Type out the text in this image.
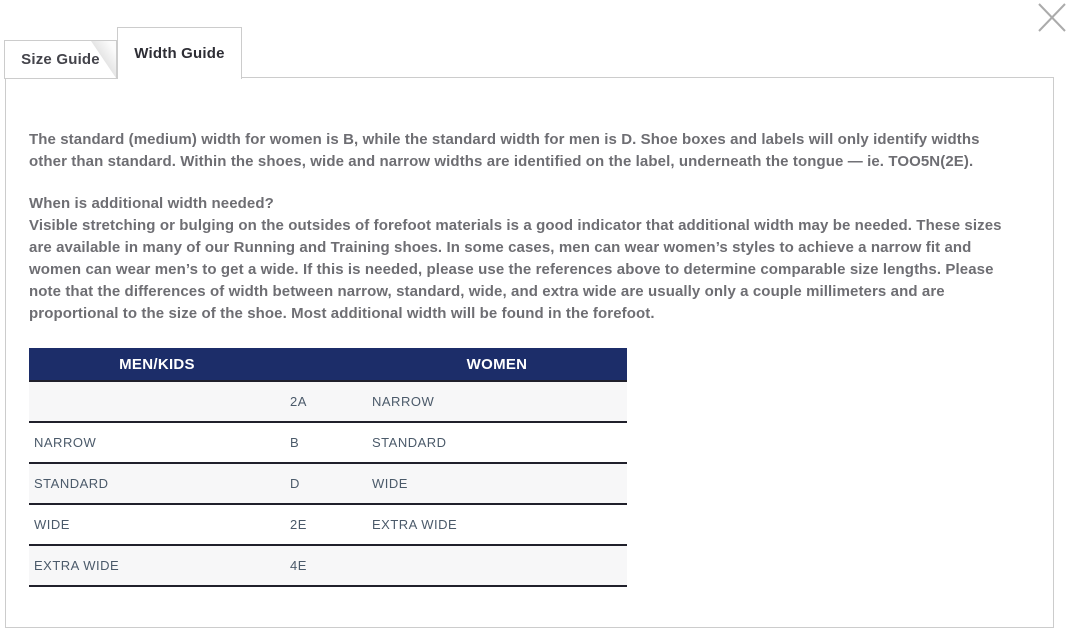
Size Guide Width Guide

The standard (medium) width for women is B, while the standard width for men is D. Shoe boxes and labels will only identify widths other than standard. Within the shoes, wide and narrow widths are identified on the label, underneath the tongue — ie. TOO5N(2E).

When is additional width needed?
Visible stretching or bulging on the outsides of forefoot materials is a good indicator that additional width may be needed. These sizes are available in many of our Running and Training shoes. In some cases, men can wear women’s styles to achieve a narrow fit and women can wear men’s to get a wide. If this is needed, please use the references above to determine comparable size lengths. Please note that the differences of width between narrow, standard, wide, and extra wide are usually only a couple millimeters and are proportional to the size of the shoe. Most additional width will be found in the forefoot.
MEN/KIDS		WOMEN
	2A	NARROW
NARROW	B	STANDARD
STANDARD	D	WIDE
WIDE	2E	EXTRA WIDE
EXTRA WIDE	4E	
